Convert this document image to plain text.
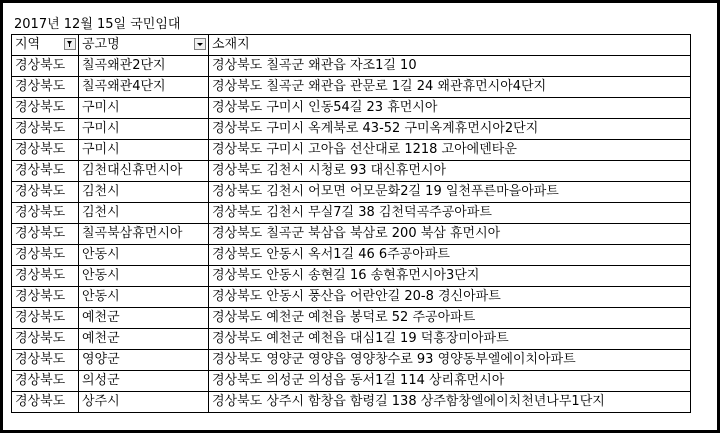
2017년 12월 15일 국민임대
지역	공고명	소재지
경상북도	칠곡왜관2단지	경상북도 칠곡군 왜관읍 자조1길 10
경상북도	칠곡왜관4단지	경상북도 칠곡군 왜관읍 관문로 1길 24 왜관휴먼시아4단지
경상북도	구미시	경상북도 구미시 인동54길 23 휴먼시아
경상북도	구미시	경상북도 구미시 옥계북로 43-52 구미옥계휴먼시아2단지
경상북도	구미시	경상북도 구미시 고아읍 선산대로 1218 고아에덴타운
경상북도	김천대신휴먼시아	경상북도 김천시 시청로 93 대신휴먼시아
경상북도	김천시	경상북도 김천시 어모면 어모문화2길 19 일천푸른마을아파트
경상북도	김천시	경상북도 김천시 무실7길 38 김천덕곡주공아파트
경상북도	칠곡북삼휴먼시아	경상북도 칠곡군 북삼읍 북삼로 200 북삼 휴먼시아
경상북도	안동시	경상북도 안동시 옥서1길 46 6주공아파트
경상북도	안동시	경상북도 안동시 송현길 16 송현휴먼시아3단지
경상북도	안동시	경상북도 안동시 풍산읍 어란안길 20-8 경신아파트
경상북도	예천군	경상북도 예천군 예천읍 봉덕로 52 주공아파트
경상북도	예천군	경상북도 예천군 예천읍 대심1길 19 덕흥장미아파트
경상북도	영양군	경상북도 영양군 영양읍 영양창수로 93 영양동부엘에이치아파트
경상북도	의성군	경상북도 의성군 의성읍 동서1길 114 상리휴먼시아
경상북도	상주시	경상북도 상주시 함창읍 함령길 138 상주함창엘에이치천년나무1단지
